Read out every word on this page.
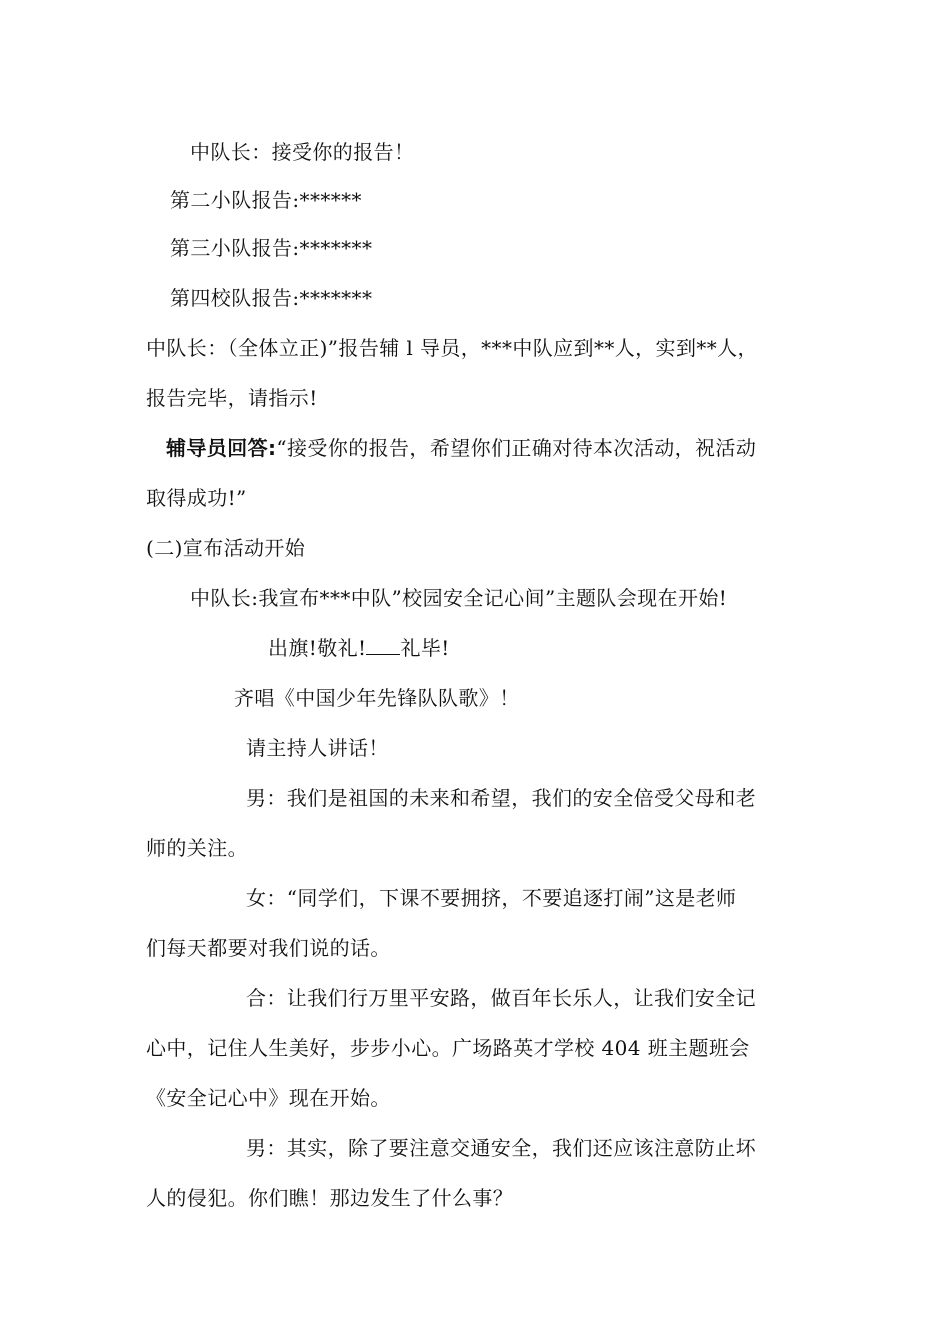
中队长：接受你的报告！
第二小队报告:******
第三小队报告:*******
第四校队报告:*******
中队长：（全体立正)”报告辅 l 导员，***中队应到**人，实到**人，
报告完毕，请指示!
辅导员回答:“接受你的报告，希望你们正确对待本次活动，祝活动
取得成功!”
(二)宣布活动开始
中队长:我宣布***中队”校园安全记心间”主题队会现在开始!
出旗!敬礼! 礼毕!
齐唱《中国少年先锋队队歌》！
请主持人讲话！
男：我们是祖国的未来和希望，我们的安全倍受父母和老
师的关注。
女：“同学们，下课不要拥挤，不要追逐打闹”这是老师
们每天都要对我们说的话。
合：让我们行万里平安路，做百年长乐人，让我们安全记
心中，记住人生美好，步步小心。广场路英才学校 404 班主题班会
《安全记心中》现在开始。
男：其实，除了要注意交通安全，我们还应该注意防止坏
人的侵犯。你们瞧！那边发生了什么事？
